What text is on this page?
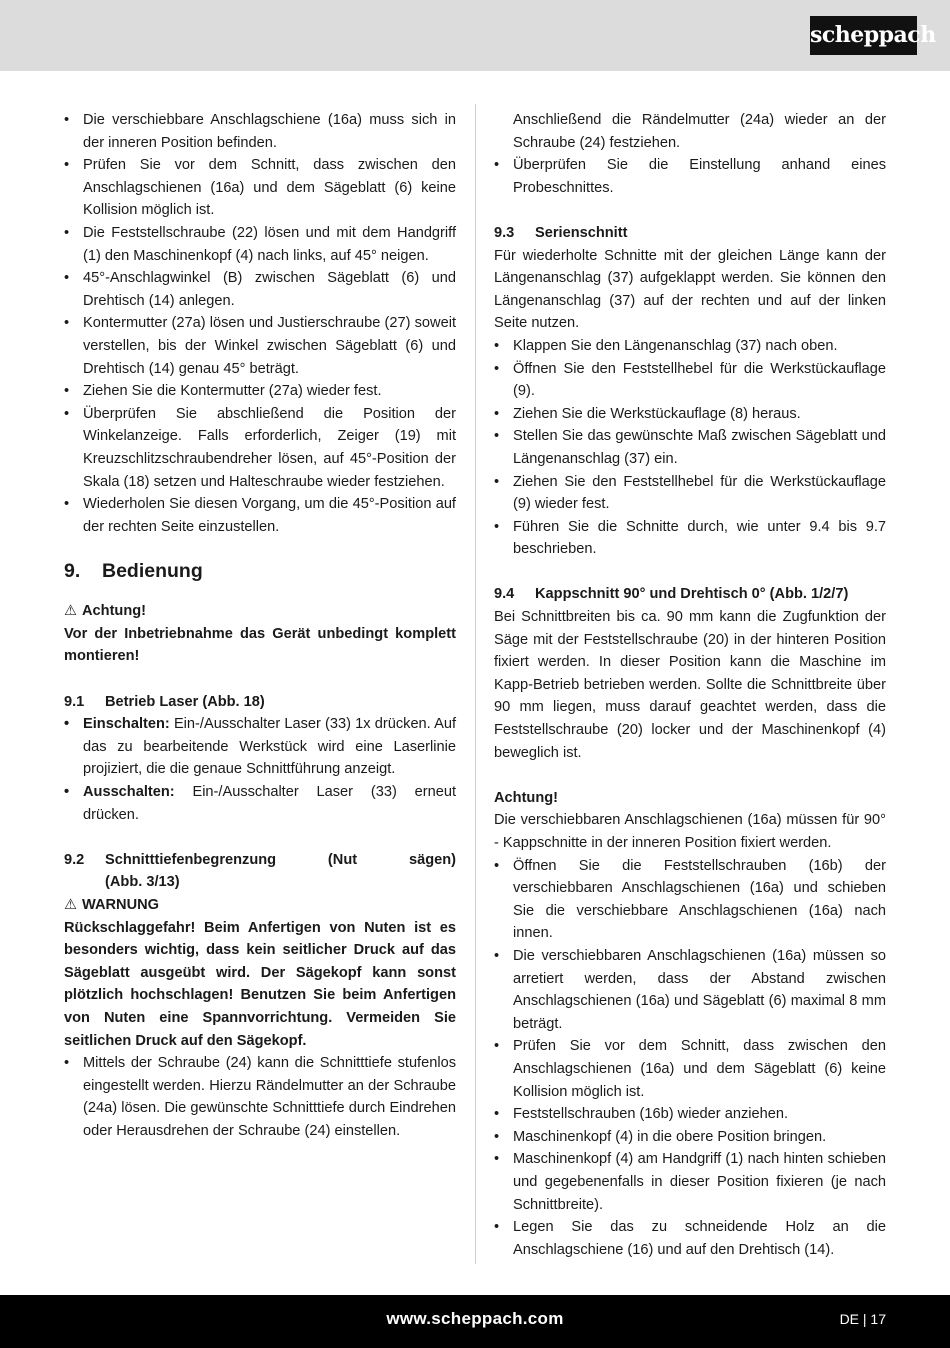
scheppach

• Die verschiebbare Anschlagschiene (16a) muss sich in der inneren Position befinden.

• Prüfen Sie vor dem Schnitt, dass zwischen den Anschlagschienen (16a) und dem Sägeblatt (6) keine Kollision möglich ist.

• Die Feststellschraube (22) lösen und mit dem Handgriff (1) den Maschinenkopf (4) nach links, auf 45° neigen.

• 45°-Anschlagwinkel (B) zwischen Sägeblatt (6) und Drehtisch (14) anlegen.

• Kontermutter (27a) lösen und Justierschraube (27) soweit verstellen, bis der Winkel zwischen Sägeblatt (6) und Drehtisch (14) genau 45° beträgt.

• Ziehen Sie die Kontermutter (27a) wieder fest.

• Überprüfen Sie abschließend die Position der Winkelanzeige. Falls erforderlich, Zeiger (19) mit Kreuzschlitzschraubendreher lösen, auf 45°-Position der Skala (18) setzen und Halteschraube wieder festziehen.

• Wiederholen Sie diesen Vorgang, um die 45°-Position auf der rechten Seite einzustellen.

9. Bedienung

⚠ Achtung!

Vor der Inbetriebnahme das Gerät unbedingt komplett montieren!

9.1 Betrieb Laser (Abb. 18)

• Einschalten: Ein-/Ausschalter Laser (33) 1x drücken. Auf das zu bearbeitende Werkstück wird eine Laserlinie projiziert, die die genaue Schnittführung anzeigt.

• Ausschalten: Ein-/Ausschalter Laser (33) erneut drücken.

9.2 Schnitttiefenbegrenzung (Nut sägen)

(Abb. 3/13)

⚠ WARNUNG

Rückschlaggefahr! Beim Anfertigen von Nuten ist es besonders wichtig, dass kein seitlicher Druck auf das Sägeblatt ausgeübt wird. Der Sägekopf kann sonst plötzlich hochschlagen! Benutzen Sie beim Anfertigen von Nuten eine Spannvorrichtung. Vermeiden Sie seitlichen Druck auf den Sägekopf.

• Mittels der Schraube (24) kann die Schnitttiefe stufenlos eingestellt werden. Hierzu Rändelmutter an der Schraube (24a) lösen. Die gewünschte Schnitttiefe durch Eindrehen oder Herausdrehen der Schraube (24) einstellen.

Anschließend die Rändelmutter (24a) wieder an der Schraube (24) festziehen.

• Überprüfen Sie die Einstellung anhand eines Probeschnittes.

9.3 Serienschnitt

Für wiederholte Schnitte mit der gleichen Länge kann der Längenanschlag (37) aufgeklappt werden. Sie können den Längenanschlag (37) auf der rechten und auf der linken Seite nutzen.

• Klappen Sie den Längenanschlag (37) nach oben.

• Öffnen Sie den Feststellhebel für die Werkstückauflage (9).

• Ziehen Sie die Werkstückauflage (8) heraus.

• Stellen Sie das gewünschte Maß zwischen Sägeblatt und Längenanschlag (37) ein.

• Ziehen Sie den Feststellhebel für die Werkstückauflage (9) wieder fest.

• Führen Sie die Schnitte durch, wie unter 9.4 bis 9.7 beschrieben.

9.4 Kappschnitt 90° und Drehtisch 0° (Abb. 1/2/7)

Bei Schnittbreiten bis ca. 90 mm kann die Zugfunktion der Säge mit der Feststellschraube (20) in der hinteren Position fixiert werden. In dieser Position kann die Maschine im Kapp-Betrieb betrieben werden. Sollte die Schnittbreite über 90 mm liegen, muss darauf geachtet werden, dass die Feststellschraube (20) locker und der Maschinenkopf (4) beweglich ist.

Achtung!

Die verschiebbaren Anschlagschienen (16a) müssen für 90° - Kappschnitte in der inneren Position fixiert werden.

• Öffnen Sie die Feststellschrauben (16b) der verschiebbaren Anschlagschienen (16a) und schieben Sie die verschiebbare Anschlagschienen (16a) nach innen.

• Die verschiebbaren Anschlagschienen (16a) müssen so arretiert werden, dass der Abstand zwischen Anschlagschienen (16a) und Sägeblatt (6) maximal 8 mm beträgt.

• Prüfen Sie vor dem Schnitt, dass zwischen den Anschlagschienen (16a) und dem Sägeblatt (6) keine Kollision möglich ist.

• Feststellschrauben (16b) wieder anziehen.

• Maschinenkopf (4) in die obere Position bringen.

• Maschinenkopf (4) am Handgriff (1) nach hinten schieben und gegebenenfalls in dieser Position fixieren (je nach Schnittbreite).

• Legen Sie das zu schneidende Holz an die Anschlagschiene (16) und auf den Drehtisch (14).

www.scheppach.com	DE | 17
